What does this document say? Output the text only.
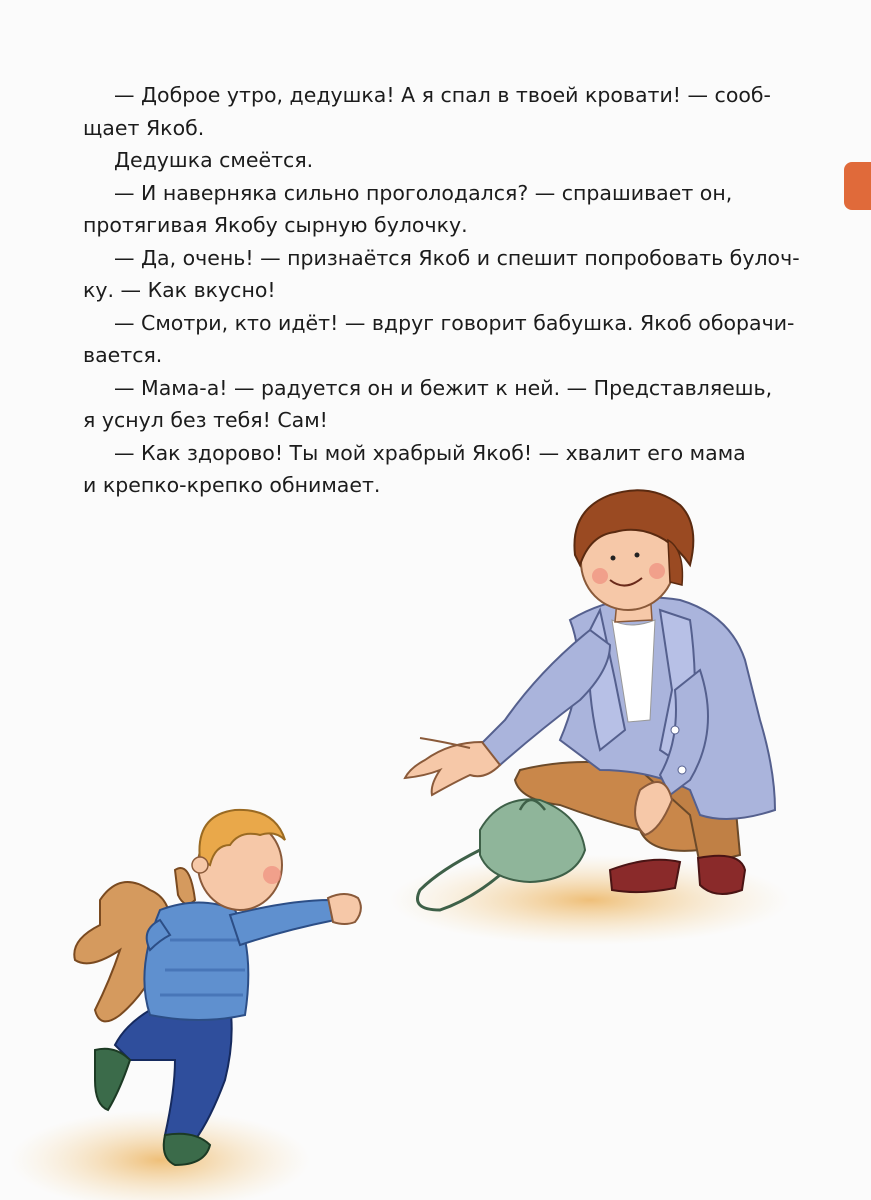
— Доброе утро, дедушка! А я спал в твоей кровати! — сооб-
щает Якоб.
Дедушка смеётся.
— И наверняка сильно проголодался? — спрашивает он,
протягивая Якобу сырную булочку.
— Да, очень! — признаётся Якоб и спешит попробовать булоч-
ку. — Как вкусно!
— Смотри, кто идёт! — вдруг говорит бабушка. Якоб оборачи-
вается.
— Мама-а! — радуется он и бежит к ней. — Представляешь,
я уснул без тебя! Сам!
— Как здорово! Ты мой храбрый Якоб! — хвалит его мама
и крепко-крепко обнимает.
